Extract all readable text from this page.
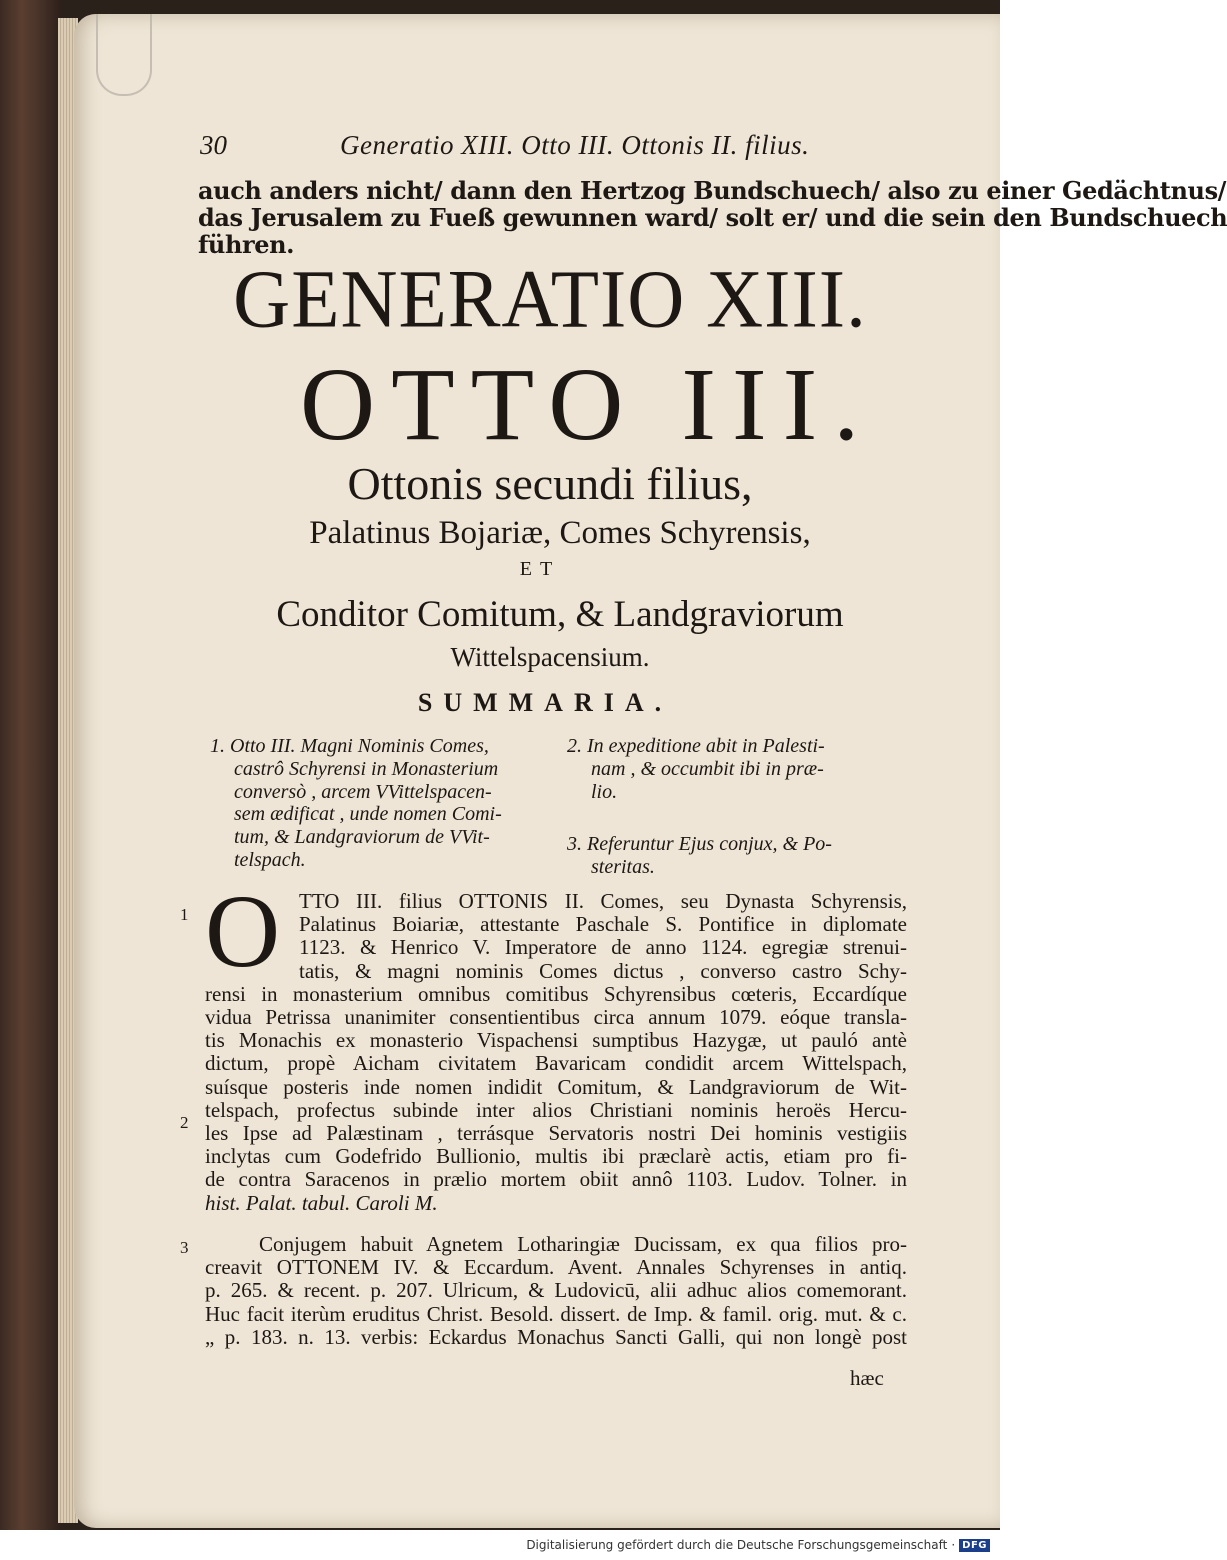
30	Generatio XIII. Otto III. Ottonis II. filius.
auch anders nicht/ dann den Hertzog Bundschuech/ also zu einer Gedächtnus/
das Jerusalem zu Fueß gewunnen ward/ solt er/ und die sein den Bundschuech
führen.
GENERATIO XIII.
OTTO III.
Ottonis secundi filius,
Palatinus Bojariæ, Comes Schyrensis,
ET
Conditor Comitum, & Landgraviorum
Wittelspacensium.
SUMMARIA.
1. Otto III. Magni Nominis Comes,
castrô Schyrensi in Monasterium
conversò , arcem VVittelspacen-
sem ædificat , unde nomen Comi-
tum, & Landgraviorum de VVit-
telspach.
2. In expeditione abit in Palesti-
nam , & occumbit ibi in præ-
lio.
3. Referuntur Ejus conjux, & Po-
steritas.
O TTO III. filius OTTONIS II. Comes, seu Dynasta Schyrensis,
Palatinus Boiariæ, attestante Paschale S. Pontifice in diplomate
1123. & Henrico V. Imperatore de anno 1124. egregiæ strenui-
tatis, & magni nominis Comes dictus , converso castro Schy-
rensi in monasterium omnibus comitibus Schyrensibus cœteris, Eccardíque
vidua Petrissa unanimiter consentientibus circa annum 1079. eóque transla-
tis Monachis ex monasterio Vispachensi sumptibus Hazygæ, ut pauló antè
dictum, propè Aicham civitatem Bavaricam condidit arcem Wittelspach,
suísque posteris inde nomen indidit Comitum, & Landgraviorum de Wit-
telspach, profectus subinde inter alios Christiani nominis heroës Hercu-
les Ipse ad Palæstinam , terrásque Servatoris nostri Dei hominis vestigiis
inclytas cum Godefrido Bullionio, multis ibi præclarè actis, etiam pro fi-
de contra Saracenos in prælio mortem obiit annô 1103. Ludov. Tolner. in
hist. Palat. tabul. Caroli M.
Conjugem habuit Agnetem Lotharingiæ Ducissam, ex qua filios pro-
creavit OTTONEM IV. & Eccardum. Avent. Annales Schyrenses in antiq.
p. 265. & recent. p. 207. Ulricum, & Ludovicū, alii adhuc alios comemorant.
Huc facit iterùm eruditus Christ. Besold. dissert. de Imp. & famil. orig. mut. & c.
„ p. 183. n. 13. verbis: Eckardus Monachus Sancti Galli, qui non longè post
hæc
1
2
3
Digitalisierung gefördert durch die Deutsche Forschungsgemeinschaft · DFG
